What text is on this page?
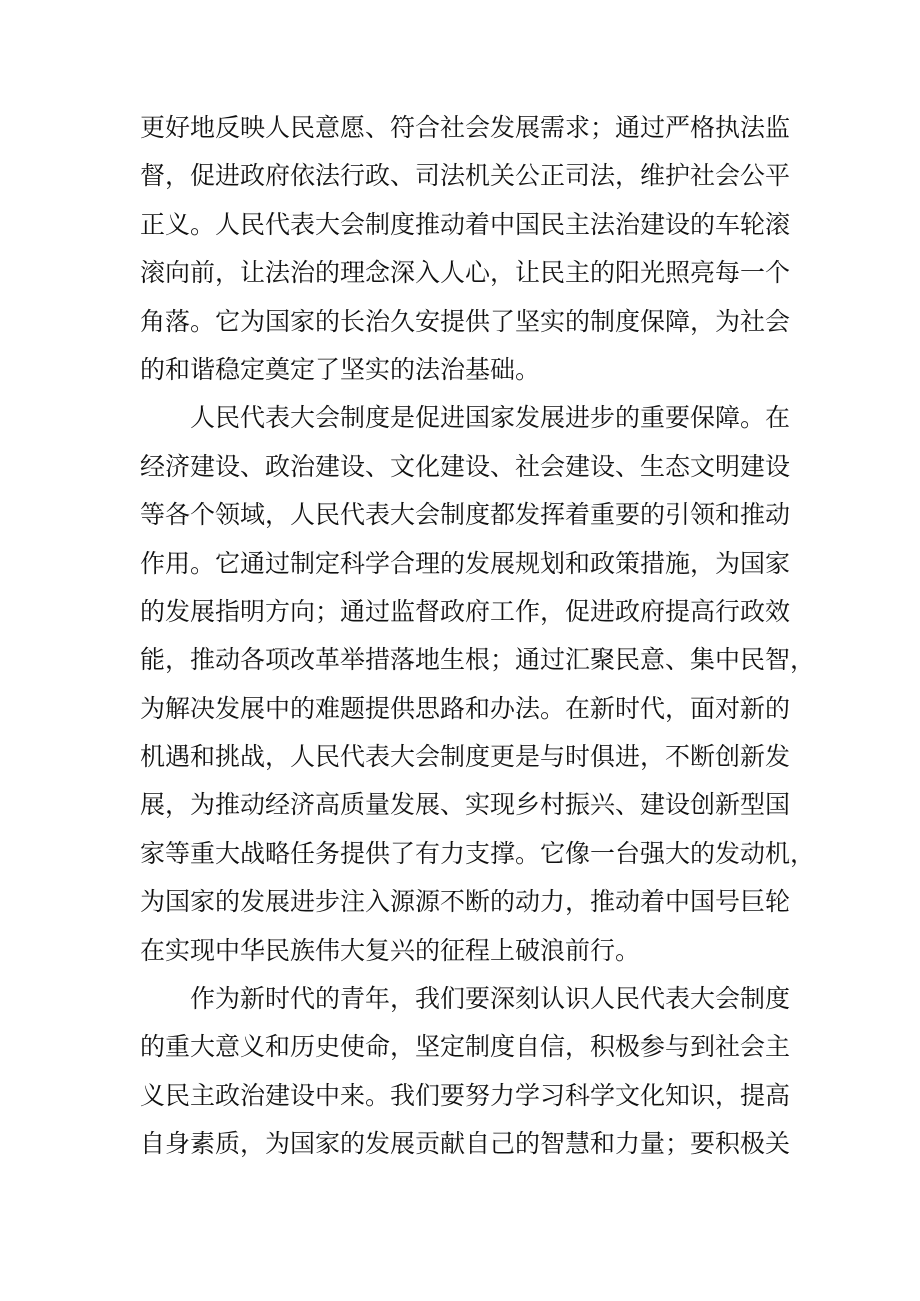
更好地反映人民意愿、符合社会发展需求；通过严格执法监
督，促进政府依法行政、司法机关公正司法，维护社会公平
正义。人民代表大会制度推动着中国民主法治建设的车轮滚
滚向前，让法治的理念深入人心，让民主的阳光照亮每一个
角落。它为国家的长治久安提供了坚实的制度保障，为社会
的和谐稳定奠定了坚实的法治基础。
人民代表大会制度是促进国家发展进步的重要保障。在
经济建设、政治建设、文化建设、社会建设、生态文明建设
等各个领域，人民代表大会制度都发挥着重要的引领和推动
作用。它通过制定科学合理的发展规划和政策措施，为国家
的发展指明方向；通过监督政府工作，促进政府提高行政效
能，推动各项改革举措落地生根；通过汇聚民意、集中民智，
为解决发展中的难题提供思路和办法。在新时代，面对新的
机遇和挑战，人民代表大会制度更是与时俱进，不断创新发
展，为推动经济高质量发展、实现乡村振兴、建设创新型国
家等重大战略任务提供了有力支撑。它像一台强大的发动机，
为国家的发展进步注入源源不断的动力，推动着中国号巨轮
在实现中华民族伟大复兴的征程上破浪前行。
作为新时代的青年，我们要深刻认识人民代表大会制度
的重大意义和历史使命，坚定制度自信，积极参与到社会主
义民主政治建设中来。我们要努力学习科学文化知识，提高
自身素质，为国家的发展贡献自己的智慧和力量；要积极关
